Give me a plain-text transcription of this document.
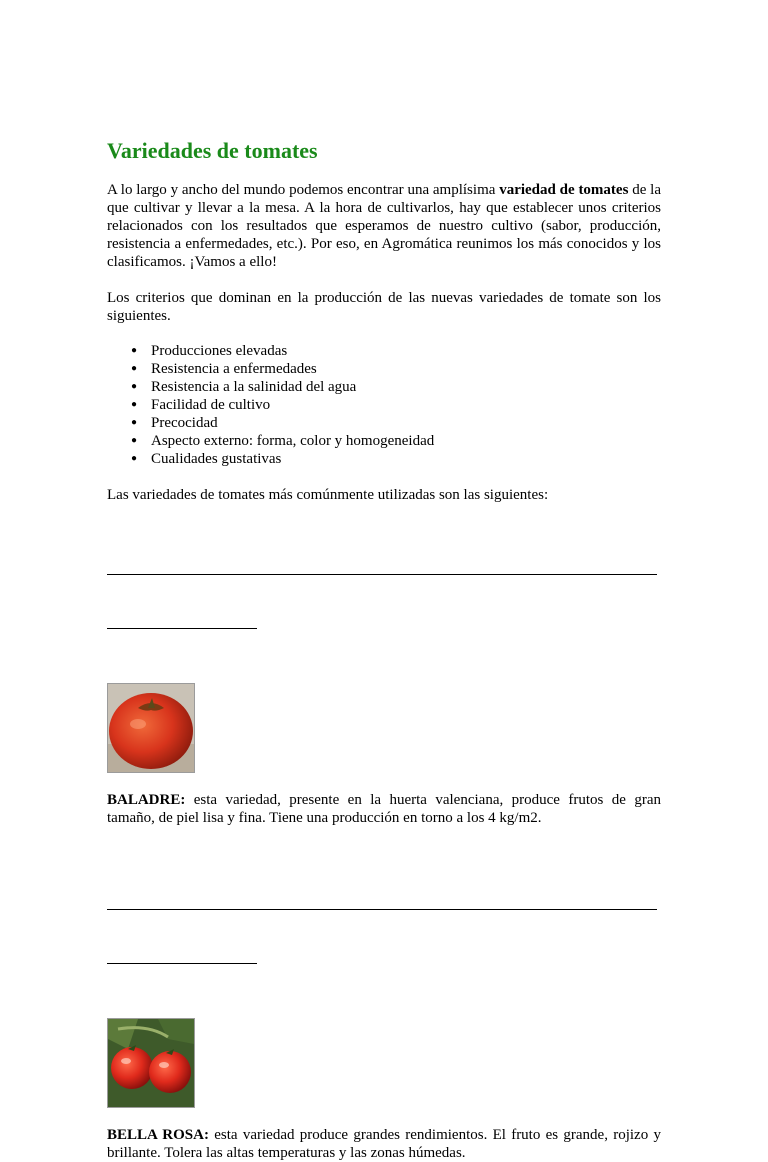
Variedades de tomates

A lo largo y ancho del mundo podemos encontrar una amplísima variedad de tomates de la que cultivar y llevar a la mesa. A la hora de cultivarlos, hay que establecer unos criterios relacionados con los resultados que esperamos de nuestro cultivo (sabor, producción, resistencia a enfermedades, etc.). Por eso, en Agromática reunimos los más conocidos y los clasificamos. ¡Vamos a ello!

Los criterios que dominan en la producción de las nuevas variedades de tomate son los siguientes.

● Producciones elevadas
● Resistencia a enfermedades
● Resistencia a la salinidad del agua
● Facilidad de cultivo
● Precocidad
● Aspecto externo: forma, color y homogeneidad
● Cualidades gustativas

Las variedades de tomates más comúnmente utilizadas son las siguientes:

BALADRE: esta variedad, presente en la huerta valenciana, produce frutos de gran tamaño, de piel lisa y fina. Tiene una producción en torno a los 4 kg/m2.

BELLA ROSA: esta variedad produce grandes rendimientos. El fruto es grande, rojizo y brillante. Tolera las altas temperaturas y las zonas húmedas.
